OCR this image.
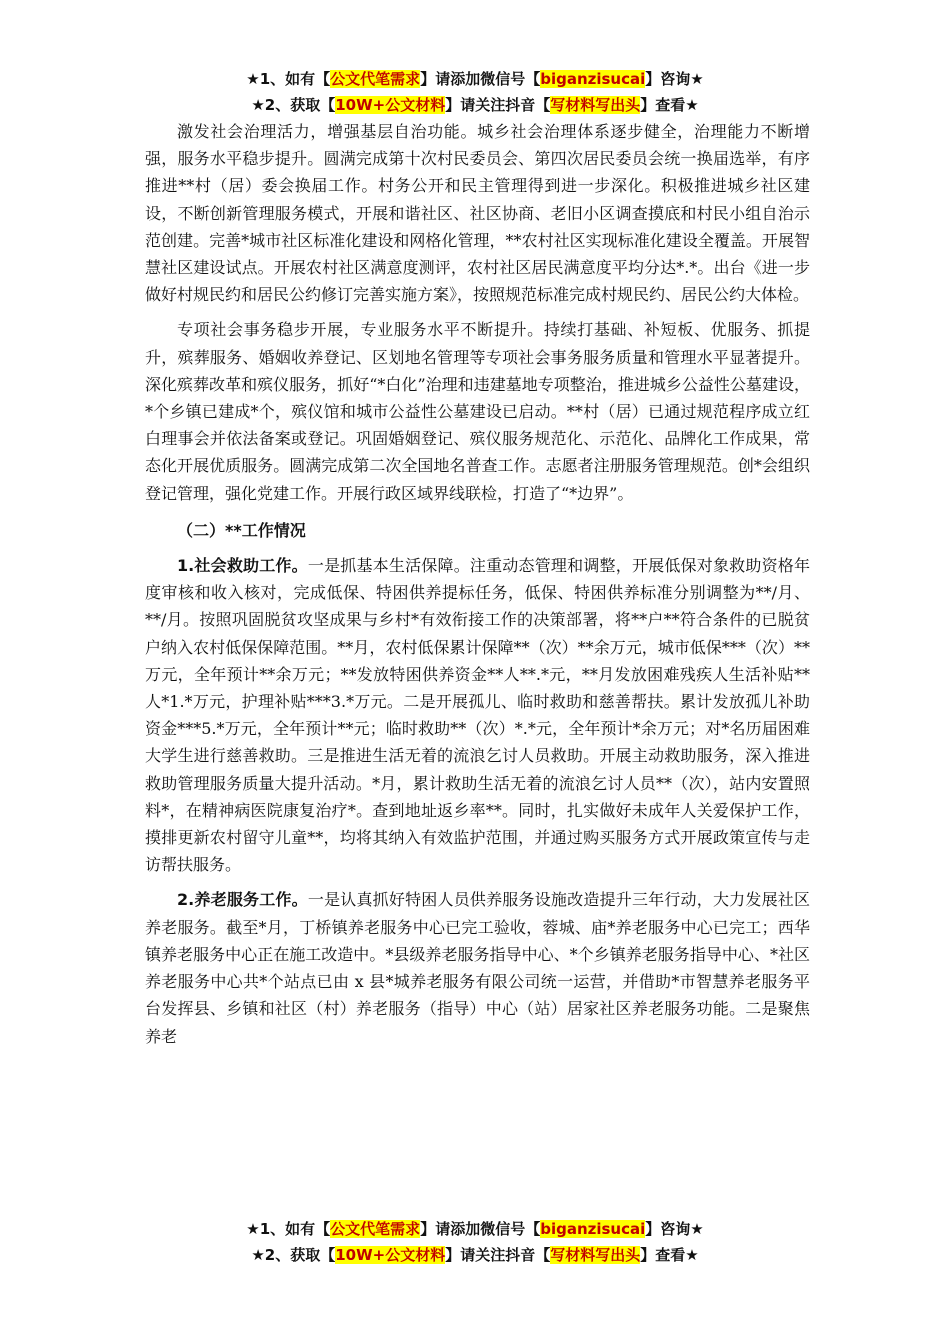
★1、如有【公文代笔需求】请添加微信号【biganzisucai】咨询★
★2、获取【10W+公文材料】请关注抖音【写材料写出头】查看★

激发社会治理活力，增强基层自治功能。城乡社会治理体系逐步健全，治理能力不断增强，服务水平稳步提升。圆满完成第十次村民委员会、第四次居民委员会统一换届选举，有序推进**村（居）委会换届工作。村务公开和民主管理得到进一步深化。积极推进城乡社区建设，不断创新管理服务模式，开展和谐社区、社区协商、老旧小区调查摸底和村民小组自治示范创建。完善*城市社区标准化建设和网格化管理，**农村社区实现标准化建设全覆盖。开展智慧社区建设试点。开展农村社区满意度测评，农村社区居民满意度平均分达*.*。出台《进一步做好村规民约和居民公约修订完善实施方案》，按照规范标准完成村规民约、居民公约大体检。

专项社会事务稳步开展，专业服务水平不断提升。持续打基础、补短板、优服务、抓提升，殡葬服务、婚姻收养登记、区划地名管理等专项社会事务服务质量和管理水平显著提升。深化殡葬改革和殡仪服务，抓好“*白化”治理和违建墓地专项整治，推进城乡公益性公墓建设，*个乡镇已建成*个，殡仪馆和城市公益性公墓建设已启动。**村（居）已通过规范程序成立红白理事会并依法备案或登记。巩固婚姻登记、殡仪服务规范化、示范化、品牌化工作成果，常态化开展优质服务。圆满完成第二次全国地名普查工作。志愿者注册服务管理规范。创*会组织登记管理，强化党建工作。开展行政区域界线联检，打造了“*边界”。

（二）**工作情况

1.社会救助工作。一是抓基本生活保障。注重动态管理和调整，开展低保对象救助资格年度审核和收入核对，完成低保、特困供养提标任务，低保、特困供养标准分别调整为**/月、**/月。按照巩固脱贫攻坚成果与乡村*有效衔接工作的决策部署，将**户**符合条件的已脱贫户纳入农村低保保障范围。**月，农村低保累计保障**（次）**余万元，城市低保***（次）**万元，全年预计**余万元；**发放特困供养资金**人**.*元，**月发放困难残疾人生活补贴**人*1.*万元，护理补贴***3.*万元。二是开展孤儿、临时救助和慈善帮扶。累计发放孤儿补助资金***5.*万元，全年预计**元；临时救助**（次）*.*元，全年预计*余万元；对*名历届困难大学生进行慈善救助。三是推进生活无着的流浪乞讨人员救助。开展主动救助服务，深入推进救助管理服务质量大提升活动。*月，累计救助生活无着的流浪乞讨人员**（次），站内安置照料*，在精神病医院康复治疗*。查到地址返乡率**。同时，扎实做好未成年人关爱保护工作，摸排更新农村留守儿童**，均将其纳入有效监护范围，并通过购买服务方式开展政策宣传与走访帮扶服务。

2.养老服务工作。一是认真抓好特困人员供养服务设施改造提升三年行动，大力发展社区养老服务。截至*月，丁桥镇养老服务中心已完工验收，蓉城、庙*养老服务中心已完工；西华镇养老服务中心正在施工改造中。*县级养老服务指导中心、*个乡镇养老服务指导中心、*社区养老服务中心共*个站点已由 x 县*城养老服务有限公司统一运营，并借助*市智慧养老服务平台发挥县、乡镇和社区（村）养老服务（指导）中心（站）居家社区养老服务功能。二是聚焦养老

★1、如有【公文代笔需求】请添加微信号【biganzisucai】咨询★
★2、获取【10W+公文材料】请关注抖音【写材料写出头】查看★
